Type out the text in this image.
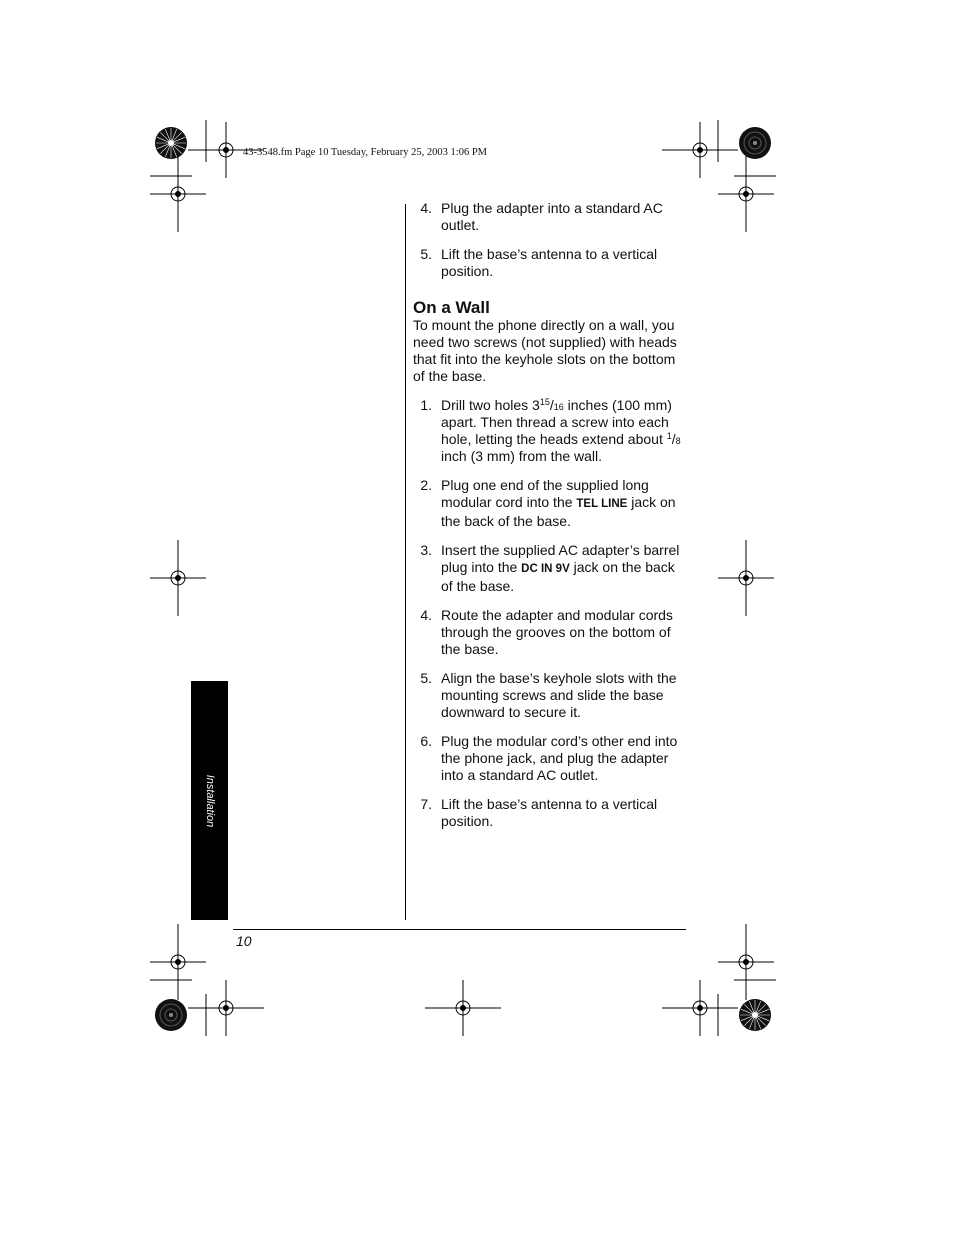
43-3548.fm Page 10 Tuesday, February 25, 2003 1:06 PM
Installation
10
4. Plug the adapter into a standard AC outlet.
5. Lift the base’s antenna to a vertical position.
On a Wall

To mount the phone directly on a wall, you need two screws (not supplied) with heads that fit into the keyhole slots on the bottom of the base.

1. Drill two holes $3^{15}/16$ inches (100 mm) apart. Then thread a screw into each hole, letting the heads extend about $^1$/8 inch (3 mm) from the wall.
2. Plug one end of the supplied long modular cord into the TEL LINE jack on the back of the base.
3. Insert the supplied AC adapter’s barrel plug into the DC IN 9V jack on the back of the base.
4. Route the adapter and modular cords through the grooves on the bottom of the base.
5. Align the base’s keyhole slots with the mounting screws and slide the base downward to secure it.
6. Plug the modular cord’s other end into the phone jack, and plug the adapter into a standard AC outlet.
7. Lift the base’s antenna to a vertical position.
